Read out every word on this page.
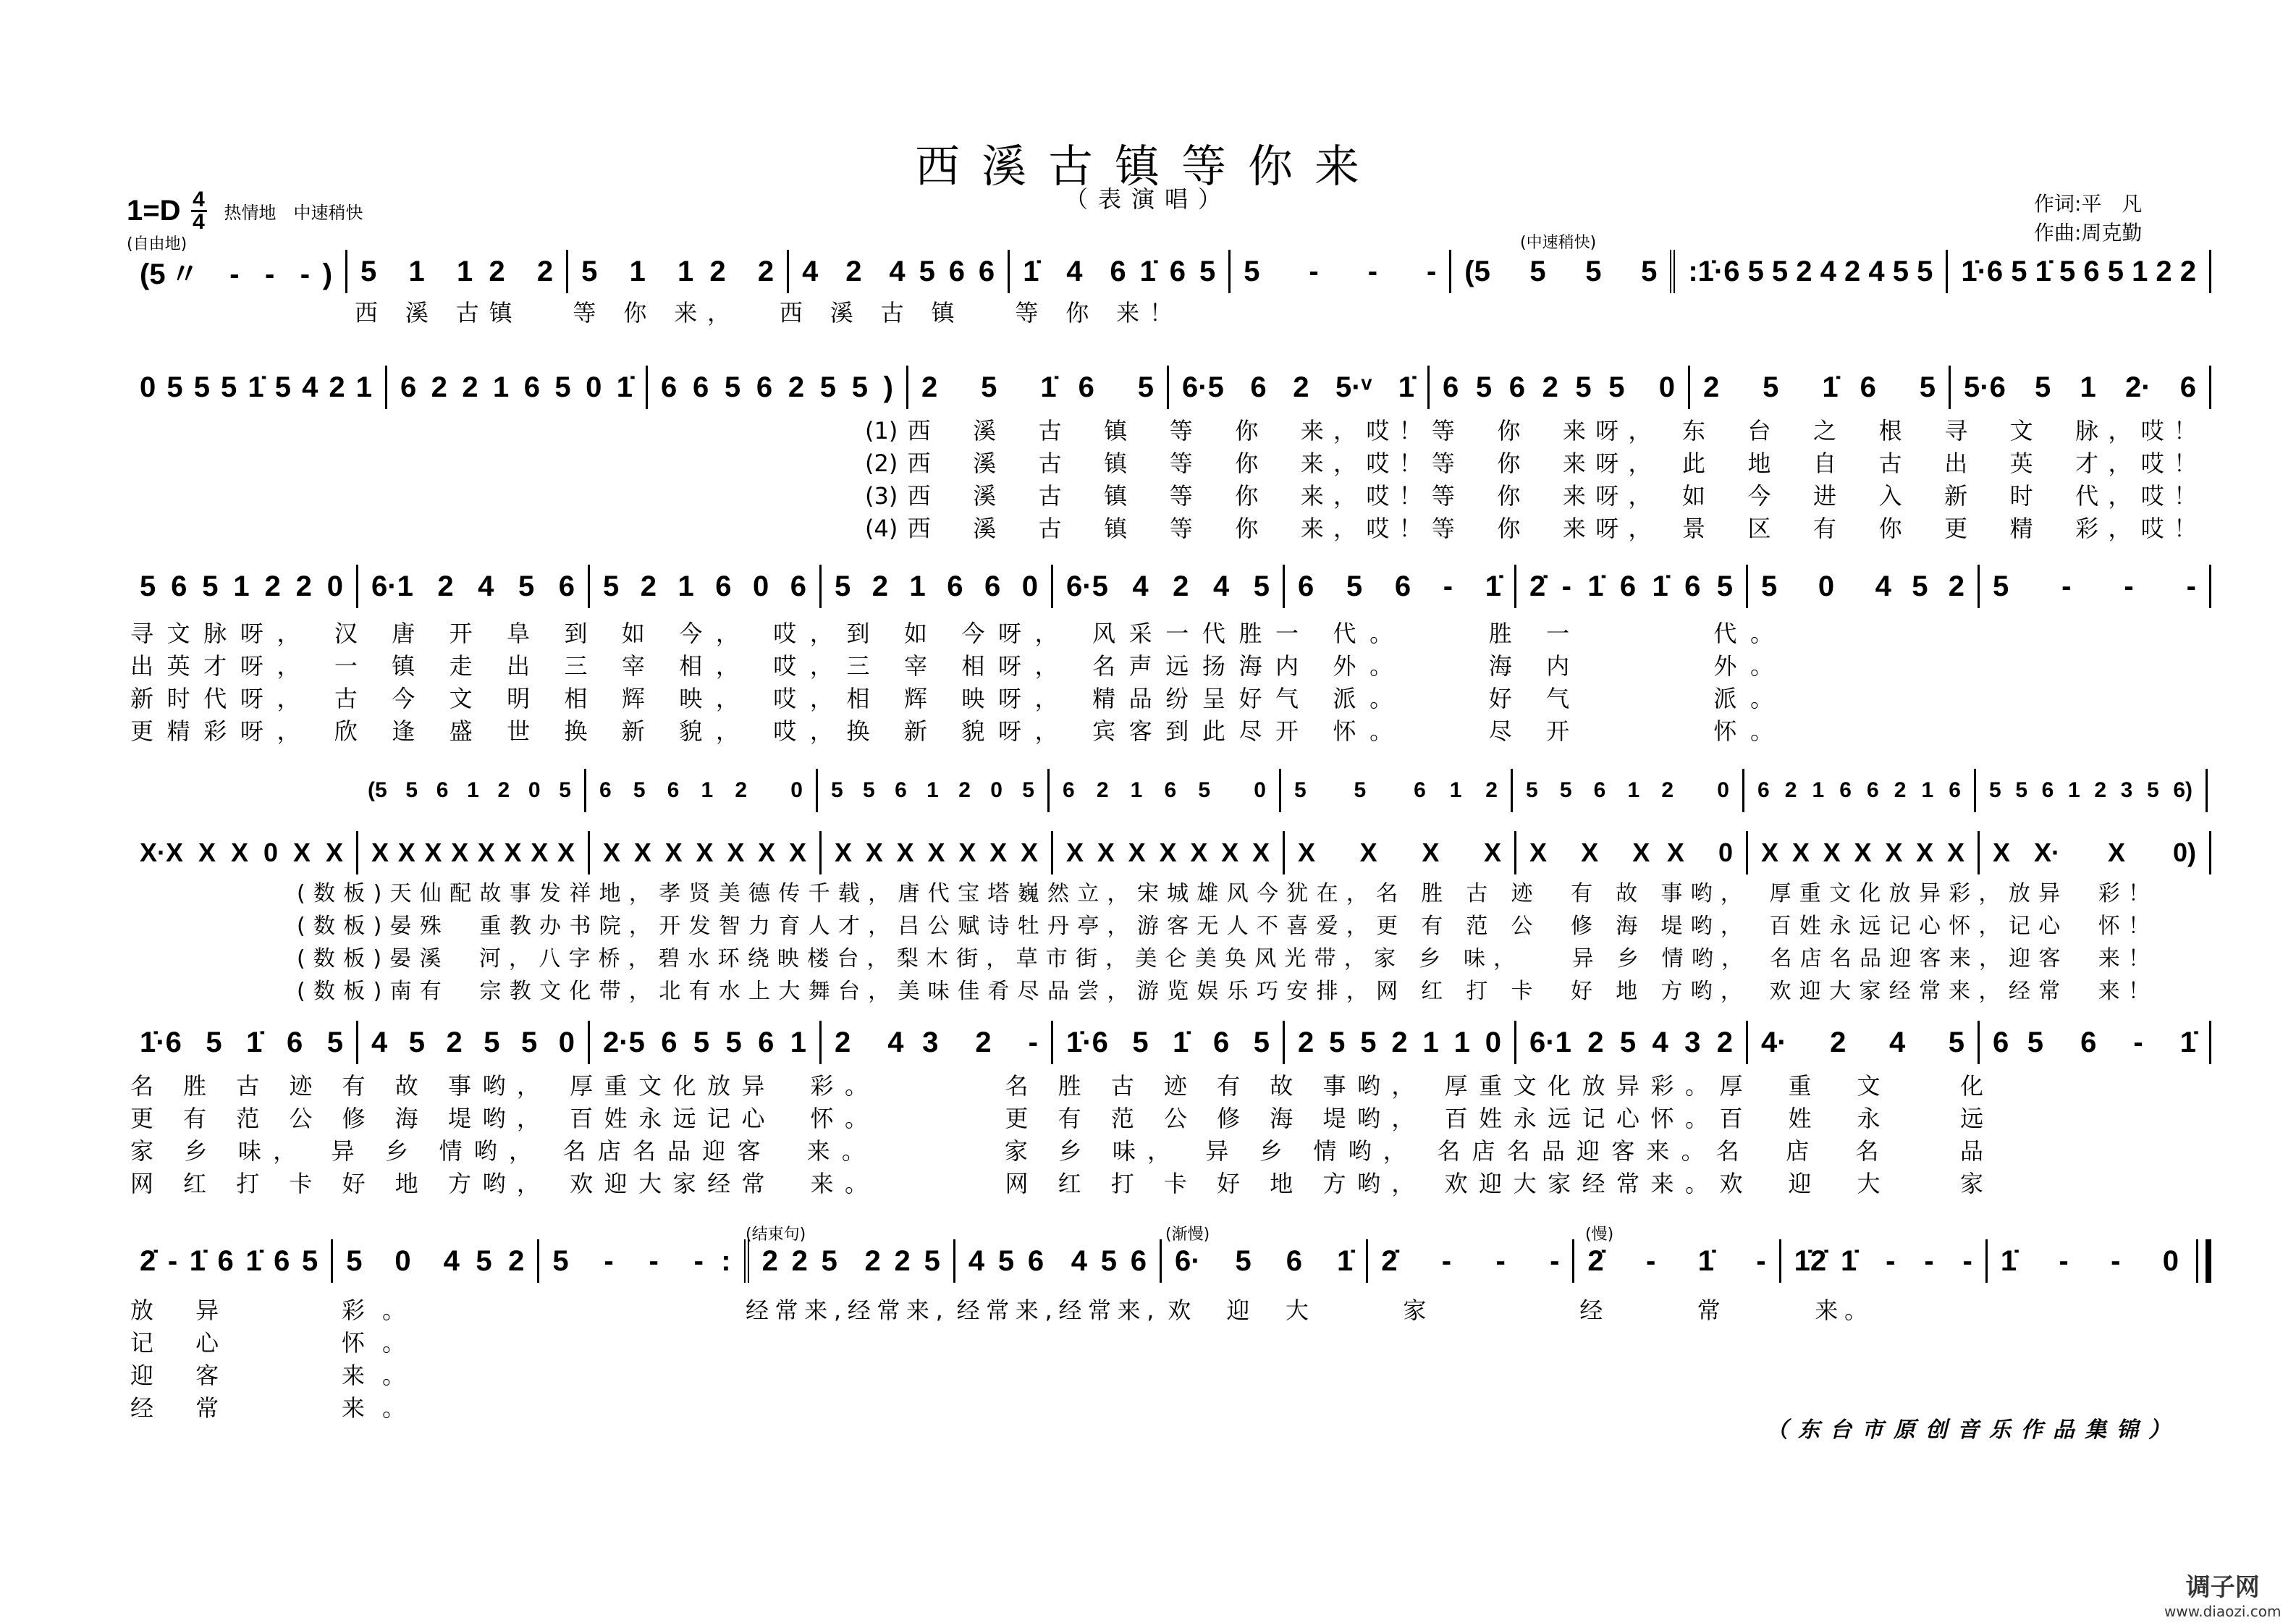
西溪古镇等你来
（表演唱）	作词:平　凡
作曲:周克勤
1=D 4
4 热情地　中速稍快
(自由地)	(中速稍快)
(结束句)	(渐慢)	(慢)
(5〃  -  -  - ) 5  1  1 2  2 5  1  1 2  2 4  2  4 5 6 6 1̇  4  6 1̇ 6 5 5  -  -  - (5  5  5  5 :1̇·6 5 5 2 4 2 4 5 5 1̇·6 5 1̇ 5 6 5 1 2 2
0 5 5 5 1̇ 5 4 2 1 6 2 2 1 6 5 0 1̇ 6 6 5 6 2 5 5 ) 2  5  1̇ 6  5 6·5 6 2 5·ᵛ 1̇ 6 5 6 2 5 5  0 2  5  1̇ 6  5 5·6 5 1 2· 6
5 6 5 1 2 2 0 6·1 2 4 5 6 5 2 1 6 0 6 5 2 1 6 6 0 6·5 4 2 4 5 6 5 6 - 1̇ 2̇ - 1̇ 6 1̇ 6 5 5  0  4 5 2 5  -  -  -
(5 5 6 1 2 0 5 6 5 6 1 2  0 5 5 6 1 2 0 5 6 2 1 6 5  0 5  5  6 1 2 5 5 6 1 2  0 6 2 1 6 6 2 1 6 5 5 6 1 2 3 5 6)
X·X X X 0 X X X X X X X X X X X X X X X X X X X X X X X X X X X X X X X X  X  X  X X  X  X X  0 X X X X X X X X X·  X  0)
1̇·6 5 1̇ 6 5 4 5 2 5 5 0 2·5 6 5 5 6 1 2  4 3  2  - 1̇·6 5 1̇ 6 5 2 5 5 2 1 1 0 6·1 2 5 4 3 2 4·  2  4  5 6 5  6  -  1̇
2̇ - 1̇ 6 1̇ 6 5 5  0  4 5 2 5  -  -  - : 2 2 5  2 2 5 4 5 6  4 5 6 6·  5  6  1̇ 2̇  -  -  - 2̇  -  1̇  - 1̇2̇ 1̇  -  -  - 1̇  -  -  0
西 溪 古镇　 等 你 来，　 西 溪 古 镇　 等 你 来！
(1)西　溪　古　镇　等　你　来，哎！等　你　来呀，　东　台　之　根　寻　文　脉，哎！
(2)西　溪　古　镇　等　你　来，哎！等　你　来呀，　此　地　自　古　出　英　才，哎！
(3)西　溪　古　镇　等　你　来，哎！等　你　来呀，　如　今　进　入　新　时　代，哎！
(4)西　溪　古　镇　等　你　来，哎！等　你　来呀，　景　区　有　你　更　精　彩，哎！
寻文脉呀， 汉 唐 开 阜 到 如 今， 哎，到 如 今呀， 风采一代胜一 代。　　 胜 一　　　 代。
出英才呀， 一 镇 走 出 三 宰 相， 哎，三 宰 相呀， 名声远扬海内 外。　　 海 内　　　 外。
新时代呀， 古 今 文 明 相 辉 映， 哎，相 辉 映呀， 精品纷呈好气 派。　　 好 气　　　 派。
更精彩呀， 欣 逢 盛 世 换 新 貌， 哎，换 新 貌呀， 宾客到此尽开 怀。　　 尽 开　　　 怀。
(数板)天仙配故事发祥地，孝贤美德传千载，唐代宝塔巍然立，宋城雄风今犹在，名 胜 古 迹　有 故 事哟，　厚重文化放异彩，放异　彩！
(数板)晏殊　重教办书院，开发智力育人才，吕公赋诗牡丹亭，游客无人不喜爱，更 有 范 公　修 海 堤哟，　百姓永远记心怀，记心　怀！
(数板)晏溪　河，八字桥，碧水环绕映楼台，梨木街，草市街，美仑美奂风光带，家 乡 味，　　异 乡 情哟，　名店名品迎客来，迎客　来！
(数板)南有　宗教文化带，北有水上大舞台，美味佳肴尽品尝，游览娱乐巧安排，网 红 打 卡　好 地 方哟，　欢迎大家经常来，经常　来！
名 胜 古 迹 有 故 事哟， 厚重文化放异　彩。　　　　名 胜 古 迹 有 故 事哟， 厚重文化放异彩。厚　重　文　　化
更 有 范 公 修 海 堤哟， 百姓永远记心　怀。　　　　更 有 范 公 修 海 堤哟， 百姓永远记心怀。百　姓　永　　远
家 乡 味，　异 乡 情哟， 名店名品迎客　来。　　　　家 乡 味，　异 乡 情哟， 名店名品迎客来。名　店　名　　品
网 红 打 卡 好 地 方哟， 欢迎大家经常　来。　　　　网 红 打 卡 好 地 方哟， 欢迎大家经常来。欢　迎　大　　家
放 异　　 彩。
记 心　　 怀。
迎 客　　 来。
经 常　　 来。
经常来,经常来, 经常来,经常来, 欢　迎　大　　　家　　　　　经　　　常　　　来。
（东台市原创音乐作品集锦）
调子网
www.diaozi.com
